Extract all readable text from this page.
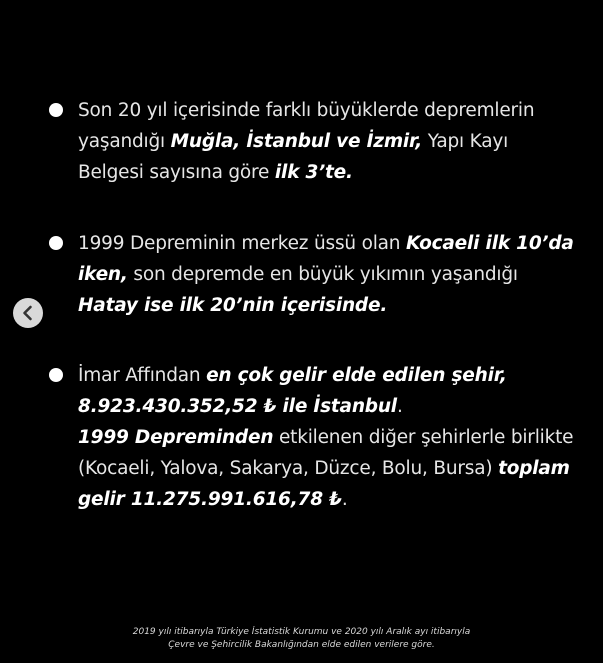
Son 20 yıl içerisinde farklı büyüklerde depremlerin yaşandığı Muğla, İstanbul ve İzmir, Yapı Kayı Belgesi sayısına göre ilk 3’te.
1999 Depreminin merkez üssü olan Kocaeli ilk 10’da iken, son depremde en büyük yıkımın yaşandığı Hatay ise ilk 20’nin içerisinde.
İmar Affından en çok gelir elde edilen şehir, 8.923.430.352,52 ₺ ile İstanbul.
1999 Depreminden etkilenen diğer şehirlerle birlikte (Kocaeli, Yalova, Sakarya, Düzce, Bolu, Bursa) toplam gelir 11.275.991.616,78 ₺.
2019 yılı itibarıyla Türkiye İstatistik Kurumu ve 2020 yılı Aralık ayı itibarıyla
Çevre ve Şehircilik Bakanlığından elde edilen verilere göre.
